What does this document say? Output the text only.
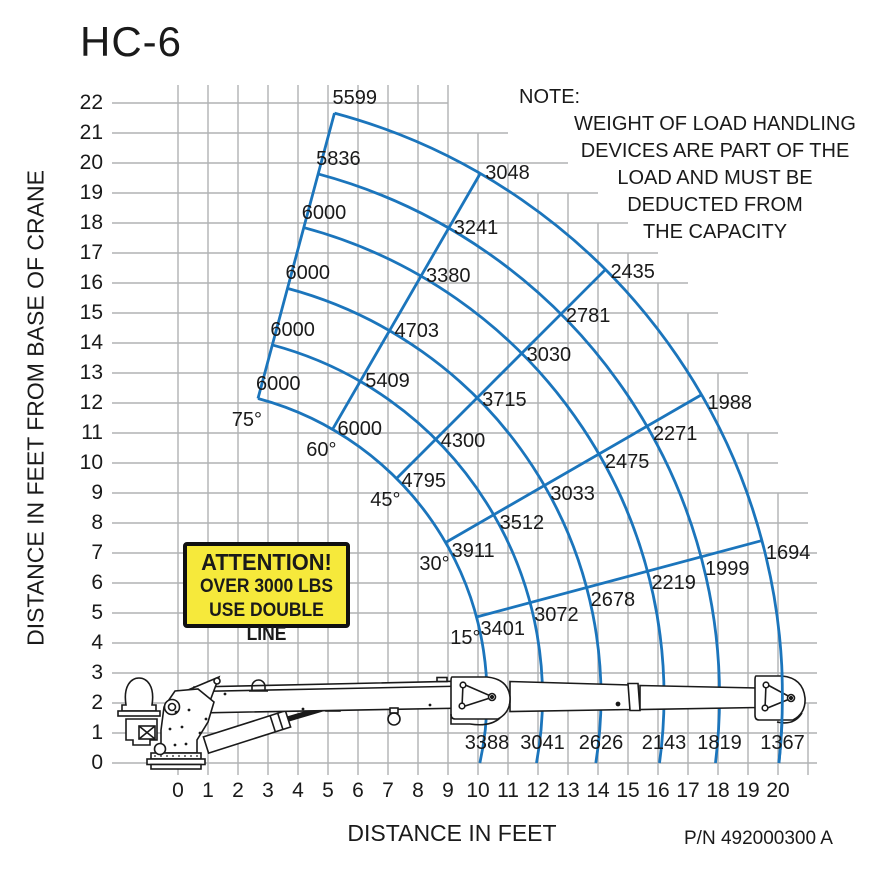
HC-6
DISTANCE IN FEET FROM BASE OF CRANE	6000
6000
6000
6000
5836
5599
75°	6000
5409
4703
3380
3241
3048
60°
4795
4300
3715
3030
2781
2435
45°
3911
3512
3033
2475
2271
1988
30°
3401
3072
2678
2219
1999
1694
15°
3388 3041 2626 2143 1819 1367
0 1 2 3 4 5 6 7 8 9 10 11 12 13 14 15 16 17 18 19 20
0
1
2
3
4
5
6
7
8
9
10
11
12
13
14
15
16
17
18
19
20
21
22	NOTE:
WEIGHT OF LOAD HANDLING
DEVICES ARE PART OF THE
LOAD AND MUST BE
DEDUCTED FROM
THE CAPACITY
ATTENTION!
OVER 3000 LBS
USE DOUBLE LINE
DISTANCE IN FEET	P/N 492000300 A
